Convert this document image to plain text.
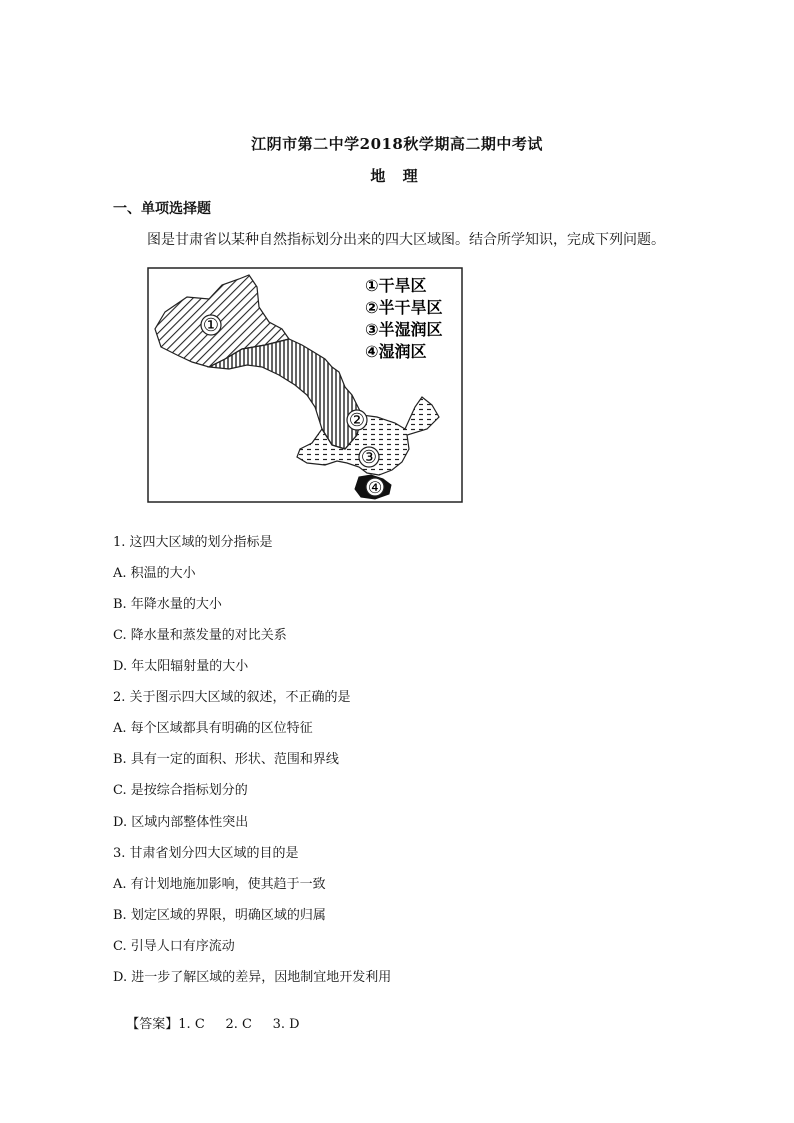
江阴市第二中学2018秋学期高二期中考试
地 理
一、单项选择题
图是甘肃省以某种自然指标划分出来的四大区域图。结合所学知识，完成下列问题。
①
②
③
④
①干旱区
②半干旱区
③半湿润区
④湿润区
1. 这四大区域的划分指标是
A. 积温的大小
B. 年降水量的大小
C. 降水量和蒸发量的对比关系
D. 年太阳辐射量的大小
2. 关于图示四大区域的叙述，不正确的是
A. 每个区域都具有明确的区位特征
B. 具有一定的面积、形状、范围和界线
C. 是按综合指标划分的
D. 区域内部整体性突出
3. 甘肃省划分四大区域的目的是
A. 有计划地施加影响，使其趋于一致
B. 划定区域的界限，明确区域的归属
C. 引导人口有序流动
D. 进一步了解区域的差异，因地制宜地开发利用

【答案】1. C 2. C 3. D
